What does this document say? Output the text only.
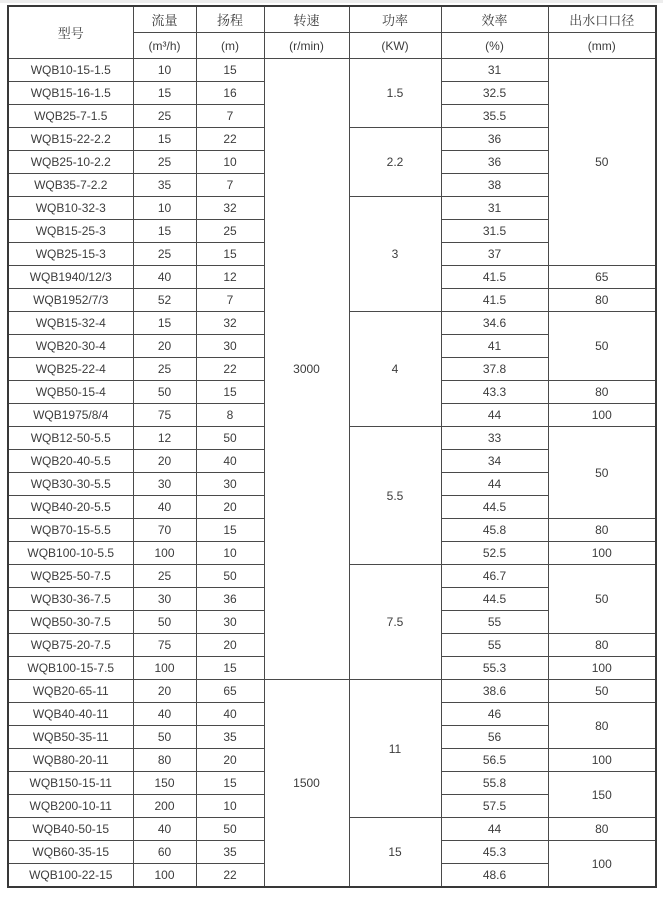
型号	流量	扬程	转速	功率	效率	出水口口径
	(m³/h)	(m)	(r/min)	(KW)	(%)	(mm)
WQB10-15-1.5	10	15	3000	1.5	31	50
WQB15-16-1.5	15	16			32.5	
WQB25-7-1.5	25	7			35.5	
WQB15-22-2.2	15	22		2.2	36	
WQB25-10-2.2	25	10			36	
WQB35-7-2.2	35	7			38	
WQB10-32-3	10	32		3	31	
WQB15-25-3	15	25			31.5	
WQB25-15-3	25	15			37	
WQB1940/12/3	40	12			41.5	65
WQB1952/7/3	52	7			41.5	80
WQB15-32-4	15	32		4	34.6	50
WQB20-30-4	20	30			41	
WQB25-22-4	25	22			37.8	
WQB50-15-4	50	15			43.3	80
WQB1975/8/4	75	8			44	100
WQB12-50-5.5	12	50		5.5	33	50
WQB20-40-5.5	20	40			34	
WQB30-30-5.5	30	30			44	
WQB40-20-5.5	40	20			44.5	
WQB70-15-5.5	70	15			45.8	80
WQB100-10-5.5	100	10			52.5	100
WQB25-50-7.5	25	50		7.5	46.7	50
WQB30-36-7.5	30	36			44.5	
WQB50-30-7.5	50	30			55	
WQB75-20-7.5	75	20			55	80
WQB100-15-7.5	100	15			55.3	100
WQB20-65-11	20	65	1500	11	38.6	50
WQB40-40-11	40	40			46	80
WQB50-35-11	50	35			56	
WQB80-20-11	80	20			56.5	100
WQB150-15-11	150	15			55.8	150
WQB200-10-11	200	10			57.5	
WQB40-50-15	40	50		15	44	80
WQB60-35-15	60	35			45.3	100
WQB100-22-15	100	22			48.6	
